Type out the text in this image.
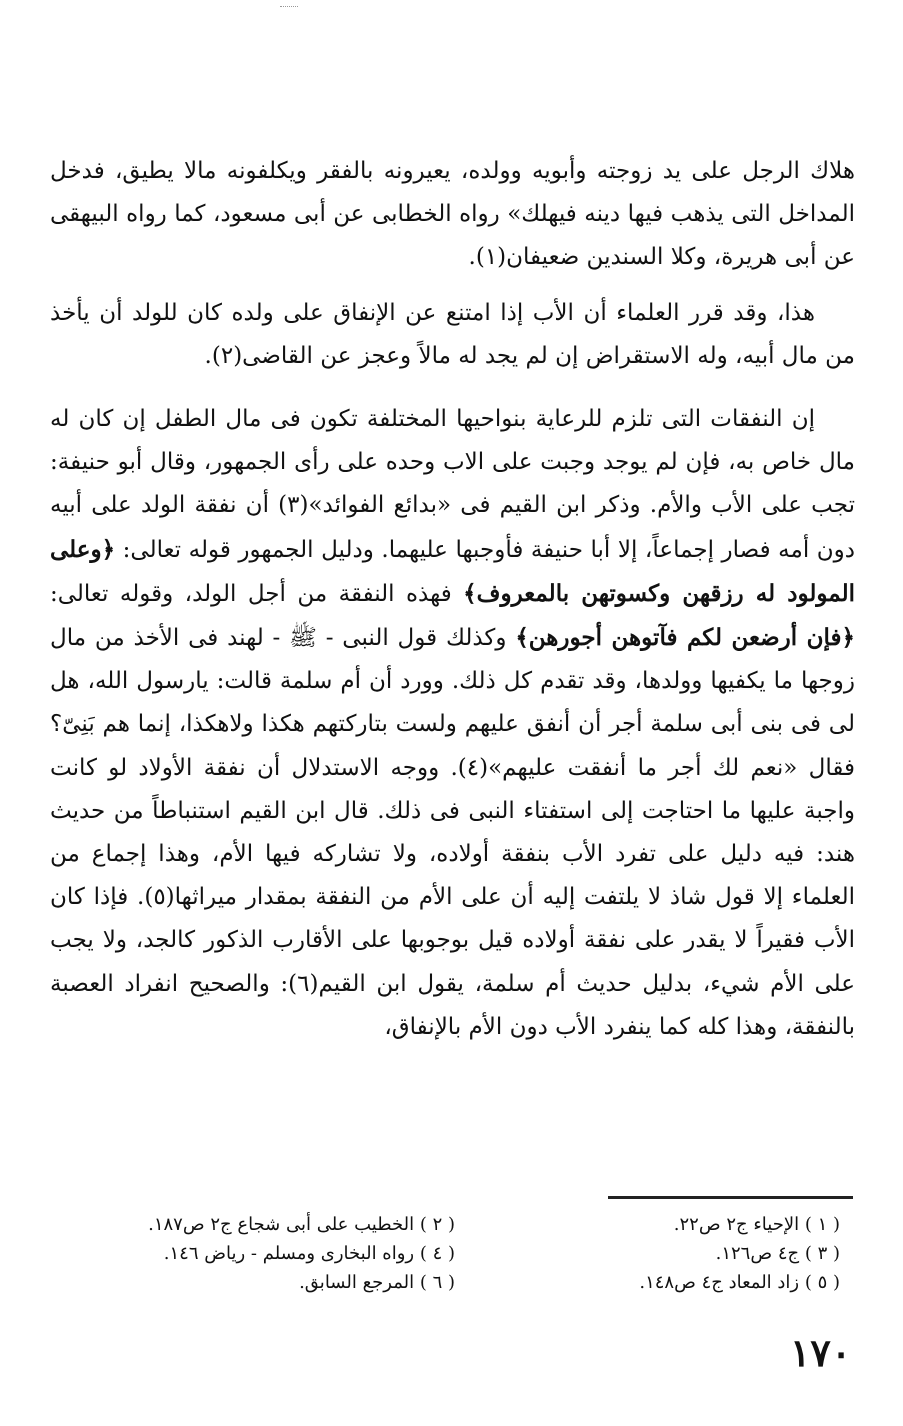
هلاك الرجل على يد زوجته وأبويه وولده، يعيرونه بالفقر ويكلفونه مالا يطيق، فدخل المداخل التى يذهب فيها دينه فيهلك» رواه الخطابى عن أبى مسعود، كما رواه البيهقى عن أبى هريرة، وكلا السندين ضعيفان(١).

هذا، وقد قرر العلماء أن الأب إذا امتنع عن الإنفاق على ولده كان للولد أن يأخذ من مال أبيه، وله الاستقراض إن لم يجد له مالاً وعجز عن القاضى(٢).

إن النفقات التى تلزم للرعاية بنواحيها المختلفة تكون فى مال الطفل إن كان له مال خاص به، فإن لم يوجد وجبت على الاب وحده على رأى الجمهور، وقال أبو حنيفة: تجب على الأب والأم. وذكر ابن القيم فى «بدائع الفوائد»(٣) أن نفقة الولد على أبيه دون أمه فصار إجماعاً، إلا أبا حنيفة فأوجبها عليهما. ودليل الجمهور قوله تعالى: ﴿وعلى المولود له رزقهن وكسوتهن بالمعروف﴾ فهذه النفقة من أجل الولد، وقوله تعالى: ﴿فإن أرضعن لكم فآتوهن أجورهن﴾ وكذلك قول النبى - ﷺ - لهند فى الأخذ من مال زوجها ما يكفيها وولدها، وقد تقدم كل ذلك. وورد أن أم سلمة قالت: يارسول الله، هل لى فى بنى أبى سلمة أجر أن أنفق عليهم ولست بتاركتهم هكذا ولاهكذا، إنما هم بَنِىّ؟ فقال «نعم لك أجر ما أنفقت عليهم»(٤). ووجه الاستدلال أن نفقة الأولاد لو كانت واجبة عليها ما احتاجت إلى استفتاء النبى فى ذلك. قال ابن القيم استنباطاً من حديث هند: فيه دليل على تفرد الأب بنفقة أولاده، ولا تشاركه فيها الأم، وهذا إجماع من العلماء إلا قول شاذ لا يلتفت إليه أن على الأم من النفقة بمقدار ميراثها(٥). فإذا كان الأب فقيراً لا يقدر على نفقة أولاده قيل بوجوبها على الأقارب الذكور كالجد، ولا يجب على الأم شيء، بدليل حديث أم سلمة، يقول ابن القيم(٦): والصحيح انفراد العصبة بالنفقة، وهذا كله كما ينفرد الأب دون الأم بالإنفاق،

( ١ ) الإحياء ج٢ ص٢٢.
( ٢ ) الخطيب على أبى شجاع ج٢ ص١٨٧.
( ٣ ) ج٤ ص١٢٦.
( ٤ ) رواه البخارى ومسلم - رياض ١٤٦.
( ٥ ) زاد المعاد ج٤ ص١٤٨.
( ٦ ) المرجع السابق.
١٧٠
